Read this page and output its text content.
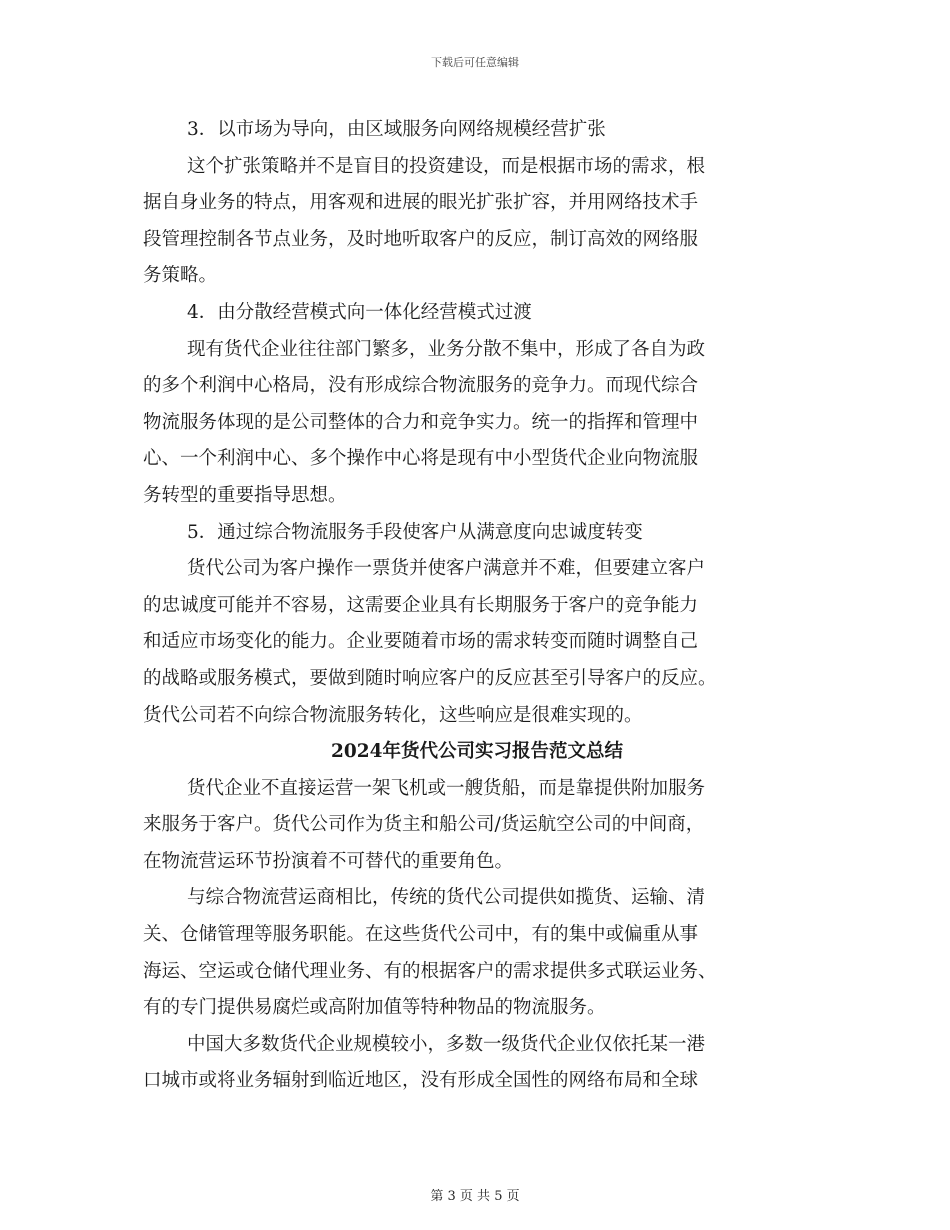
下载后可任意编辑
3．以市场为导向，由区域服务向网络规模经营扩张
这个扩张策略并不是盲目的投资建设，而是根据市场的需求，根
据自身业务的特点，用客观和进展的眼光扩张扩容，并用网络技术手
段管理控制各节点业务，及时地听取客户的反应，制订高效的网络服
务策略。
4．由分散经营模式向一体化经营模式过渡
现有货代企业往往部门繁多，业务分散不集中，形成了各自为政
的多个利润中心格局，没有形成综合物流服务的竞争力。而现代综合
物流服务体现的是公司整体的合力和竞争实力。统一的指挥和管理中
心、一个利润中心、多个操作中心将是现有中小型货代企业向物流服
务转型的重要指导思想。
5．通过综合物流服务手段使客户从满意度向忠诚度转变
货代公司为客户操作一票货并使客户满意并不难，但要建立客户
的忠诚度可能并不容易，这需要企业具有长期服务于客户的竞争能力
和适应市场变化的能力。企业要随着市场的需求转变而随时调整自己
的战略或服务模式，要做到随时响应客户的反应甚至引导客户的反应。
货代公司若不向综合物流服务转化，这些响应是很难实现的。
2024年货代公司实习报告范文总结
货代企业不直接运营一架飞机或一艘货船，而是靠提供附加服务
来服务于客户。货代公司作为货主和船公司/货运航空公司的中间商，
在物流营运环节扮演着不可替代的重要角色。
与综合物流营运商相比，传统的货代公司提供如揽货、运输、清
关、仓储管理等服务职能。在这些货代公司中，有的集中或偏重从事
海运、空运或仓储代理业务、有的根据客户的需求提供多式联运业务、
有的专门提供易腐烂或高附加值等特种物品的物流服务。
中国大多数货代企业规模较小，多数一级货代企业仅依托某一港
口城市或将业务辐射到临近地区，没有形成全国性的网络布局和全球
第 3 页 共 5 页
